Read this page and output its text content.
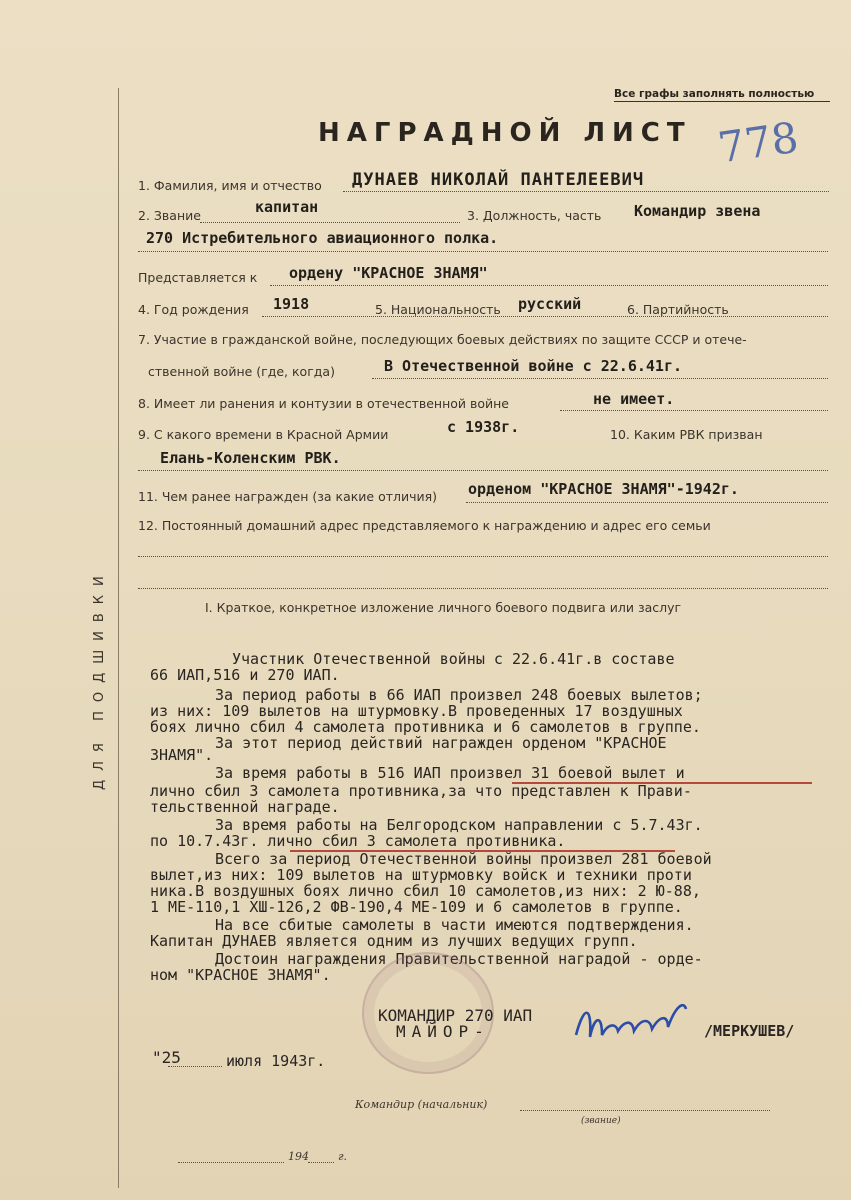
Все графы заполнять полностью
НАГРАДНОЙ ЛИСТ 778
ДЛЯ ПОДШИВКИ
1. Фамилия, имя и отчество ДУНАЕВ НИКОЛАЙ ПАНТЕЛЕЕВИЧ
2. Звание	капитан	3. Должность, часть Командир звена
270 Истребительного авиационного полка.
Представляется к ордену "КРАСНОЕ ЗНАМЯ"
4. Год рождения 1918	5. Национальность русский	6. Партийность
7. Участие в гражданской войне, последующих боевых действиях по защите СССР и отече-
ственной войне (где, когда)	В Отечественной войне с 22.6.41г.
8. Имеет ли ранения и контузии в отечественной войне	не имеет.
9. С какого времени в Красной Армии	с 1938г.	10. Каким РВК призван
Елань-Коленским РВК.
11. Чем ранее награжден (за какие отличия) орденом "КРАСНОЕ ЗНАМЯ"-1942г.
12. Постоянный домашний адрес представляемого к награждению и адрес его семьи
I. Краткое, конкретное изложение личного боевого подвига или заслуг
Участник Отечественной войны с 22.6.41г.в составе
66 ИАП,516 и 270 ИАП.
За период работы в 66 ИАП произвел 248 боевых вылетов;
из них: 109 вылетов на штурмовку.В проведенных 17 воздушных
боях лично сбил 4 самолета противника и 6 самолетов в группе.
За этот период действий награжден орденом "КРАСНОЕ
ЗНАМЯ".
За время работы в 516 ИАП произвел 31 боевой вылет и
лично сбил 3 самолета противника,за что представлен к Прави-
тельственной награде.
За время работы на Белгородском направлении с 5.7.43г.
по 10.7.43г. лично сбил 3 самолета противника.
Всего за период Отечественной войны произвел 281 боевой
вылет,из них: 109 вылетов на штурмовку войск и техники проти
ника.В воздушных боях лично сбил 10 самолетов,из них: 2 Ю-88,
1 МЕ-110,1 ХШ-126,2 ФВ-190,4 МЕ-109 и 6 самолетов в группе.
На все сбитые самолеты в части имеются подтверждения.
Капитан ДУНАЕВ является одним из лучших ведущих групп.
Достоин награждения Правительственной наградой - орде-
ном "КРАСНОЕ ЗНАМЯ".
КОМАНДИР 270 ИАП
МАЙОР-	/МЕРКУШЕВ/
"25	июля 1943г.
Командир (начальник)
(звание)
194	г.
